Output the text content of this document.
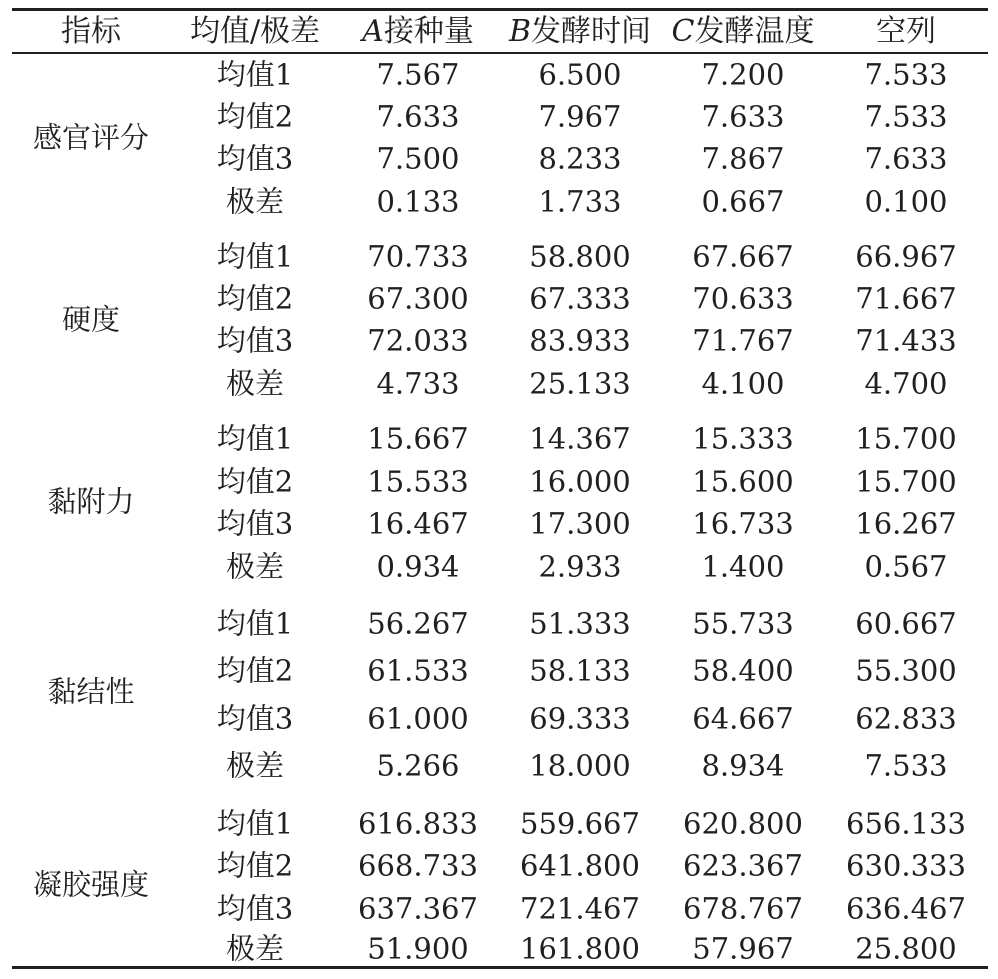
指标 均值/极差 A接种量 B发酵时间 C发酵温度 空列
感官评分
均值1	7.567	6.500	7.200	7.533
均值2	7.633	7.967	7.633	7.533
均值3	7.500	8.233	7.867	7.633
极差	0.133	1.733	0.667	0.100
硬度
均值1	70.733 58.800 67.667 66.967
均值2	67.300 67.333 70.633 71.667
均值3	72.033 83.933 71.767 71.433
极差	4.733 25.133 4.100	4.700
黏附力
均值1	15.667 14.367 15.333 15.700
均值2	15.533 16.000 15.600 15.700
均值3	16.467 17.300 16.733 16.267
极差	0.934	2.933	1.400	0.567
黏结性
均值1	56.267 51.333 55.733 60.667
均值2	61.533 58.133 58.400 55.300
均值3	61.000 69.333 64.667 62.833
极差	5.266 18.000 8.934	7.533
凝胶强度
均值1 616.833 559.667 620.800 656.133
均值2 668.733 641.800 623.367 630.333
均值3 637.367 721.467 678.767 636.467
极差	51.900 161.800 57.967 25.800
